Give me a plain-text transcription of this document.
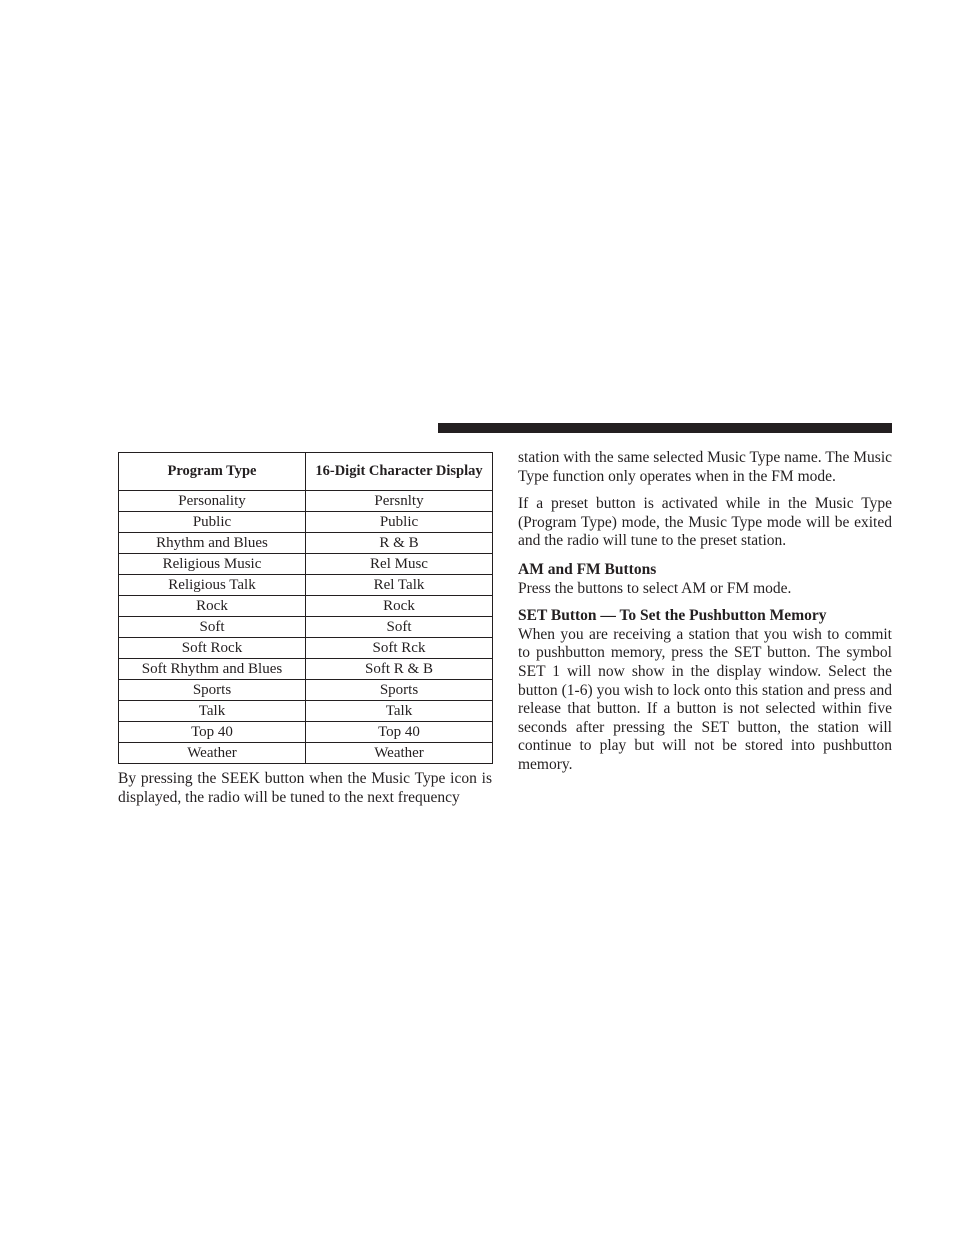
Program Type	16-Digit Character Display
Personality	Persnlty
Public	Public
Rhythm and Blues	R & B
Religious Music	Rel Musc
Religious Talk	Rel Talk
Rock	Rock
Soft	Soft
Soft Rock	Soft Rck
Soft Rhythm and Blues	Soft R & B
Sports	Sports
Talk	Talk
Top 40	Top 40
Weather	Weather

By pressing the SEEK button when the Music Type icon is displayed, the radio will be tuned to the next frequency

station with the same selected Music Type name. The Music Type function only operates when in the FM mode.

If a preset button is activated while in the Music Type (Program Type) mode, the Music Type mode will be exited and the radio will tune to the preset station.

AM and FM Buttons

Press the buttons to select AM or FM mode.

SET Button — To Set the Pushbutton Memory

When you are receiving a station that you wish to commit to pushbutton memory, press the SET button. The symbol SET 1 will now show in the display window. Select the button (1-6) you wish to lock onto this station and press and release that button. If a button is not selected within five seconds after pressing the SET button, the station will continue to play but will not be stored into pushbutton memory.
